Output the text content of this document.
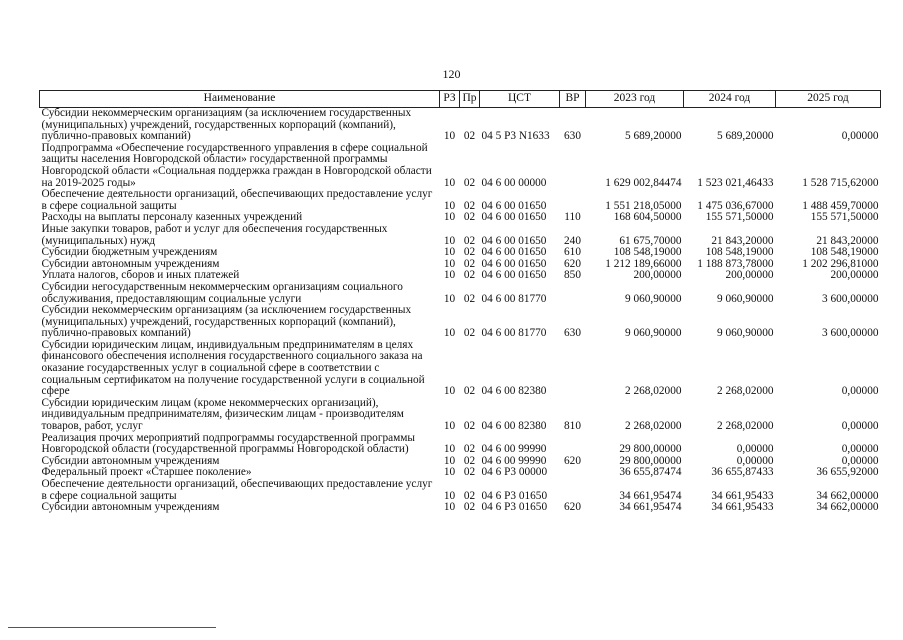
120
Наименование	РЗ	Пр	ЦСТ	ВР	2023 год	2024 год	2025 год
Субсидии некоммерческим организациям (за исключением государственных (муниципальных) учреждений, государственных корпораций (компаний), публично-правовых компаний)	10	02	04 5 Р3 N1633	630	5 689,20000	5 689,20000	0,00000
Подпрограмма «Обеспечение государственного управления в сфере социальной защиты населения Новгородской области» государственной программы Новгородской области «Социальная поддержка граждан в Новгородской области на 2019-2025 годы»	10	02	04 6 00 00000		1 629 002,84474	1 523 021,46433	1 528 715,62000
Обеспечение деятельности организаций, обеспечивающих предоставление услуг в сфере социальной защиты	10	02	04 6 00 01650		1 551 218,05000	1 475 036,67000	1 488 459,70000
Расходы на выплаты персоналу казенных учреждений	10	02	04 6 00 01650	110	168 604,50000	155 571,50000	155 571,50000
Иные закупки товаров, работ и услуг для обеспечения государственных (муниципальных) нужд	10	02	04 6 00 01650	240	61 675,70000	21 843,20000	21 843,20000
Субсидии бюджетным учреждениям	10	02	04 6 00 01650	610	108 548,19000	108 548,19000	108 548,19000
Субсидии автономным учреждениям	10	02	04 6 00 01650	620	1 212 189,66000	1 188 873,78000	1 202 296,81000
Уплата налогов, сборов и иных платежей	10	02	04 6 00 01650	850	200,00000	200,00000	200,00000
Субсидии негосударственным некоммерческим организациям социального обслуживания, предоставляющим социальные услуги	10	02	04 6 00 81770		9 060,90000	9 060,90000	3 600,00000
Субсидии некоммерческим организациям (за исключением государственных (муниципальных) учреждений, государственных корпораций (компаний), публично-правовых компаний)	10	02	04 6 00 81770	630	9 060,90000	9 060,90000	3 600,00000
Субсидии юридическим лицам, индивидуальным предпринимателям в целях финансового обеспечения исполнения государственного социального заказа на оказание государственных услуг в социальной сфере в соответствии с социальным сертификатом на получение государственной услуги в социальной сфере	10	02	04 6 00 82380		2 268,02000	2 268,02000	0,00000
Субсидии юридическим лицам (кроме некоммерческих организаций), индивидуальным предпринимателям, физическим лицам - производителям товаров, работ, услуг	10	02	04 6 00 82380	810	2 268,02000	2 268,02000	0,00000
Реализация прочих мероприятий подпрограммы государственной программы Новгородской области (государственной программы Новгородской области)	10	02	04 6 00 99990		29 800,00000	0,00000	0,00000
Субсидии автономным учреждениям	10	02	04 6 00 99990	620	29 800,00000	0,00000	0,00000
Федеральный проект «Старшее поколение»	10	02	04 6 Р3 00000		36 655,87474	36 655,87433	36 655,92000
Обеспечение деятельности организаций, обеспечивающих предоставление услуг в сфере социальной защиты	10	02	04 6 Р3 01650		34 661,95474	34 661,95433	34 662,00000
Субсидии автономным учреждениям	10	02	04 6 Р3 01650	620	34 661,95474	34 661,95433	34 662,00000
